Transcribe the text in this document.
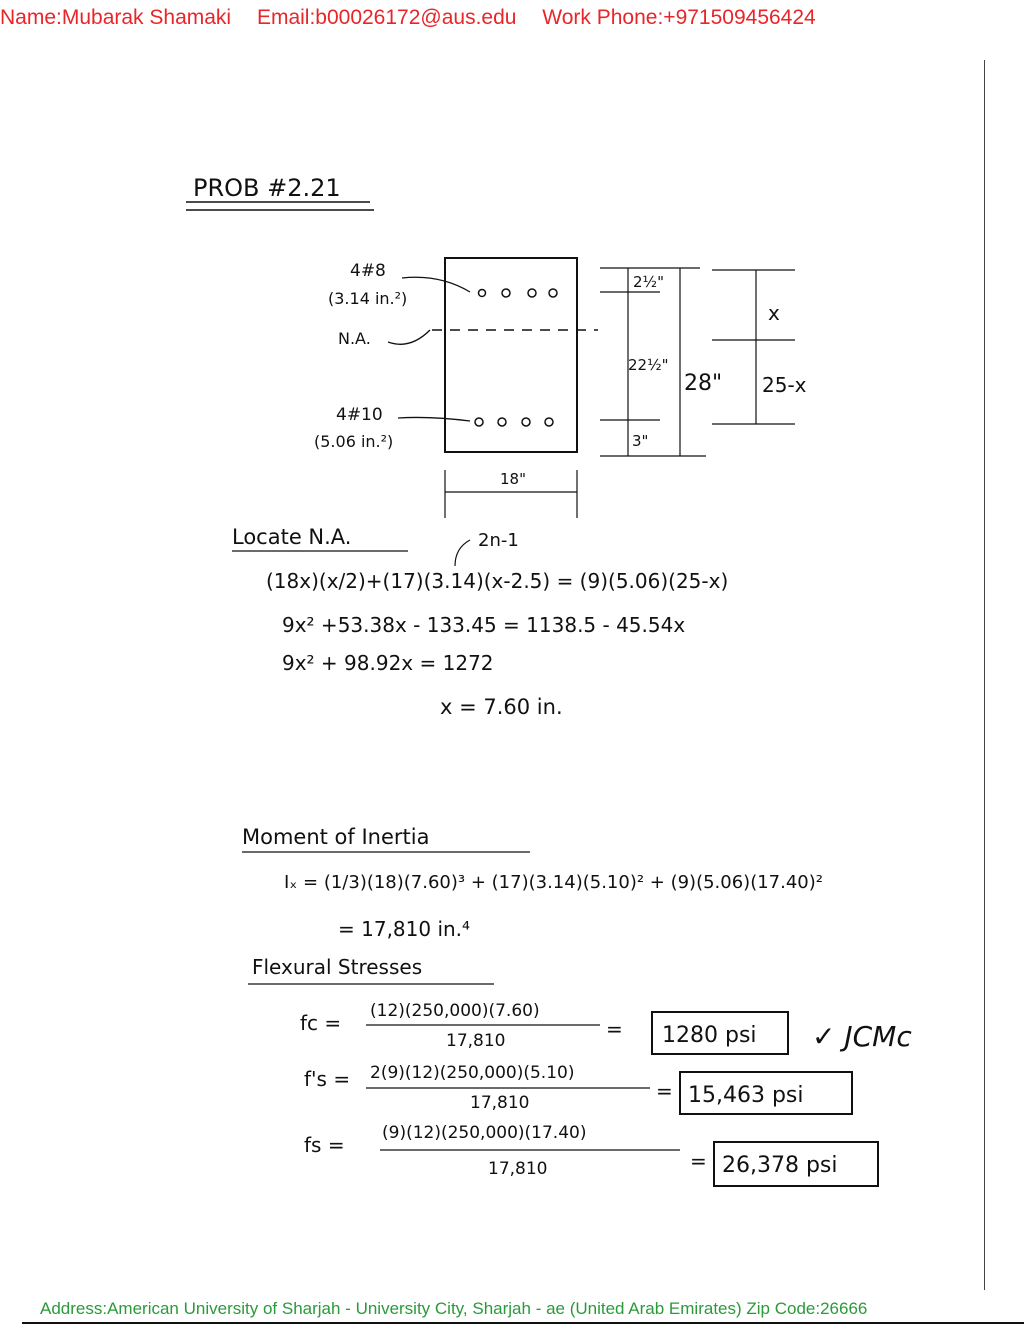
Name:Mubarak Shamaki Email:b00026172@aus.edu Work Phone:+971509456424
PROB #2.21
4#8
(3.14 in.²)
N.A.
4#10
(5.06 in.²)
2½"
22½"
3"
28"
x
25-x
18"
Locate N.A.	2n-1
(18x)(x/2)+(17)(3.14)(x-2.5) = (9)(5.06)(25-x)
9x² +53.38x - 133.45 = 1138.5 - 45.54x
9x² + 98.92x = 1272
x = 7.60 in.
Moment of Inertia
Iₓ = (1/3)(18)(7.60)³ + (17)(3.14)(5.10)² + (9)(5.06)(17.40)²
= 17,810 in.⁴
Flexural Stresses
fc = (12)(250,000)(7.60)
17,810	= 1280 psi ✓ JCMc
f's = 2(9)(12)(250,000)(5.10)
17,810	= 15,463 psi
fs = (9)(12)(250,000)(17.40)
17,810	= 26,378 psi
Address:American University of Sharjah - University City, Sharjah - ae (United Arab Emirates) Zip Code:26666
